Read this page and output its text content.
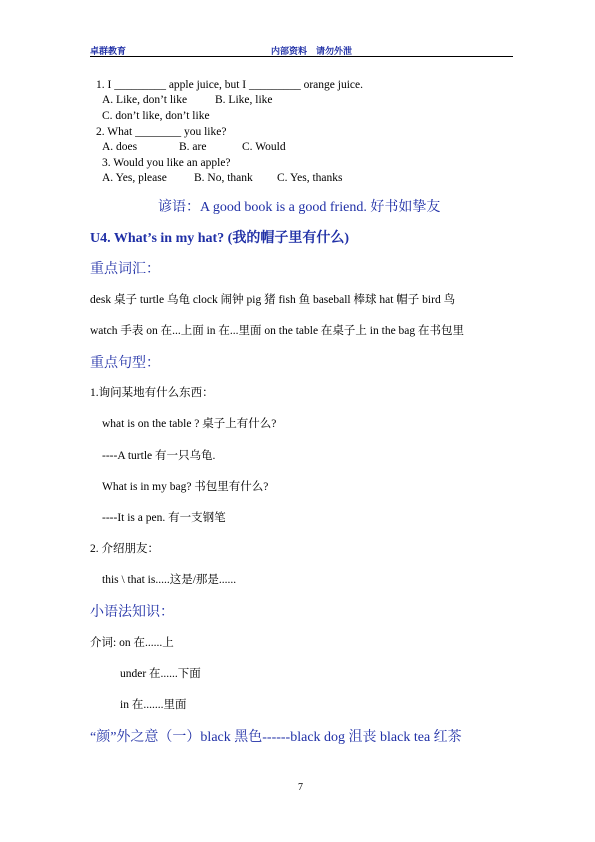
卓群教育	内部资料　请勿外泄
1. I _________ apple juice, but I _________ orange juice.
A. Like, don’t like B. Like, like
C. don’t like, don’t like
2. What ________ you like?
A. does	B. are	C. Would
3. Would you like an apple?
A. Yes, please B. No, thank C. Yes, thanks
谚语：A good book is a good friend. 好书如挚友
U4. What’s in my hat? (我的帽子里有什么)
重点词汇：
desk 桌子 turtle 乌龟 clock 闹钟 pig 猪 fish 鱼 baseball 棒球 hat 帽子 bird 鸟
watch 手表 on 在...上面 in 在...里面 on the table 在桌子上 in the bag 在书包里
重点句型：
1.询问某地有什么东西：
what is on the table ? 桌子上有什么?
----A turtle 有一只乌龟.
What is in my bag? 书包里有什么?
----It is a pen. 有一支钢笔
2. 介绍朋友：
this \ that is.....这是/那是......
小语法知识：
介词: on 在......上
under 在......下面
in 在.......里面
“颜”外之意（一）black 黑色------black dog 沮丧 black tea 红茶
7
